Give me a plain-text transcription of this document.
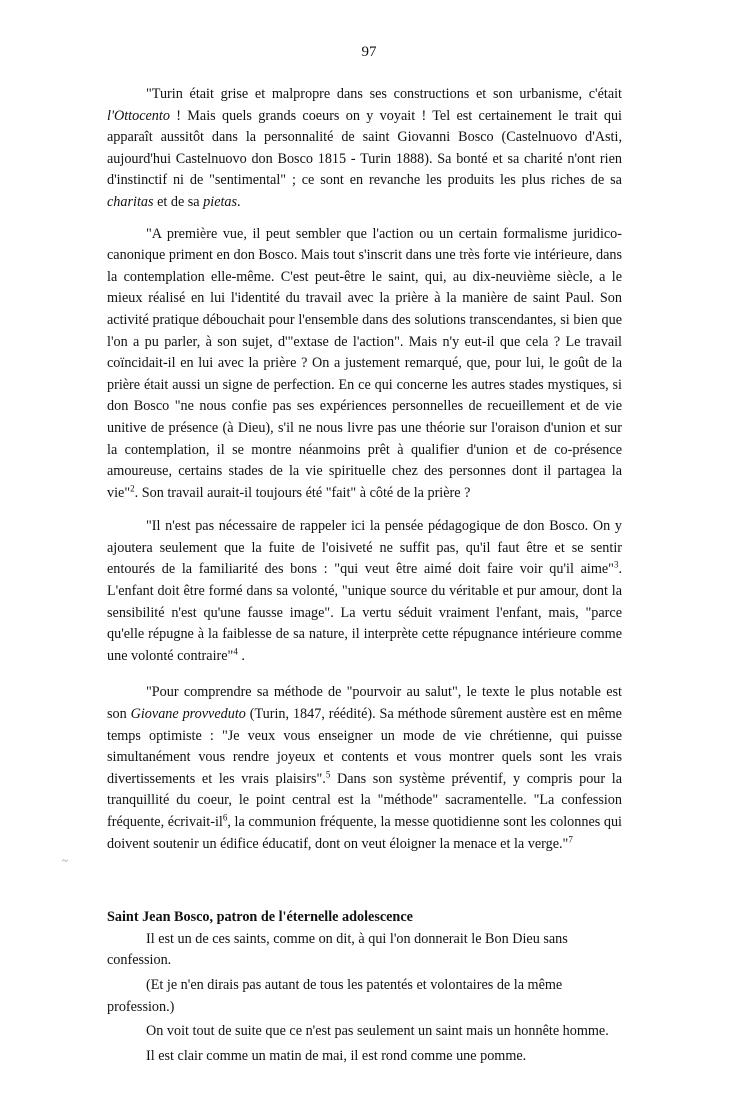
97
~

"Turin était grise et malpropre dans ses constructions et son urbanisme, c'était l'Ottocento ! Mais quels grands coeurs on y voyait ! Tel est certainement le trait qui apparaît aussitôt dans la personnalité de saint Giovanni Bosco (Castelnuovo d'Asti, aujourd'hui Castelnuovo don Bosco 1815 - Turin 1888). Sa bonté et sa charité n'ont rien d'instinctif ni de "sentimental" ; ce sont en revanche les produits les plus riches de sa charitas et de sa pietas.

"A première vue, il peut sembler que l'action ou un certain formalisme juridico-canonique priment en don Bosco. Mais tout s'inscrit dans une très forte vie intérieure, dans la contemplation elle-même. C'est peut-être le saint, qui, au dix-neuvième siècle, a le mieux réalisé en lui l'identité du travail avec la prière à la manière de saint Paul. Son activité pratique débouchait pour l'ensemble dans des solutions transcendantes, si bien que l'on a pu parler, à son sujet, d'"extase de l'action". Mais n'y eut-il que cela ? Le travail coïncidait-il en lui avec la prière ? On a justement remarqué, que, pour lui, le goût de la prière était aussi un signe de perfection. En ce qui concerne les autres stades mystiques, si don Bosco "ne nous confie pas ses expériences personnelles de recueillement et de vie unitive de présence (à Dieu), s'il ne nous livre pas une théorie sur l'oraison d'union et sur la contemplation, il se montre néanmoins prêt à qualifier d'union et de co-présence amoureuse, certains stades de la vie spirituelle chez des personnes dont il partagea la vie"$^2$. Son travail aurait-il toujours été "fait" à côté de la prière ?

"Il n'est pas nécessaire de rappeler ici la pensée pédagogique de don Bosco. On y ajoutera seulement que la fuite de l'oisiveté ne suffit pas, qu'il faut être et se sentir entourés de la familiarité des bons : "qui veut être aimé doit faire voir qu'il aime"$^3$. L'enfant doit être formé dans sa volonté, "unique source du véritable et pur amour, dont la sensibilité n'est qu'une fausse image". La vertu séduit vraiment l'enfant, mais, "parce qu'elle répugne à la faiblesse de sa nature, il interprète cette répugnance intérieure comme une volonté contraire"$^4$ .

"Pour comprendre sa méthode de "pourvoir au salut", le texte le plus notable est son Giovane provveduto (Turin, 1847, réédité). Sa méthode sûrement austère est en même temps optimiste : "Je veux vous enseigner un mode de vie chrétienne, qui puisse simultanément vous rendre joyeux et contents et vous montrer quels sont les vrais divertissements et les vrais plaisirs".$^5$ Dans son système préventif, y compris pour la tranquillité du coeur, le point central est la "méthode" sacramentelle. "La confession fréquente, écrivait-$il^6$, la communion fréquente, la messe quotidienne sont les colonnes qui doivent soutenir un édifice éducatif, dont on veut éloigner la menace et la verge."$^7$

Saint Jean Bosco, patron de l'éternelle adolescence

Il est un de ces saints, comme on dit, à qui l'on donnerait le Bon Dieu sans confession.

(Et je n'en dirais pas autant de tous les patentés et volontaires de la même profession.)

On voit tout de suite que ce n'est pas seulement un saint mais un honnête homme.

Il est clair comme un matin de mai, il est rond comme une pomme.
